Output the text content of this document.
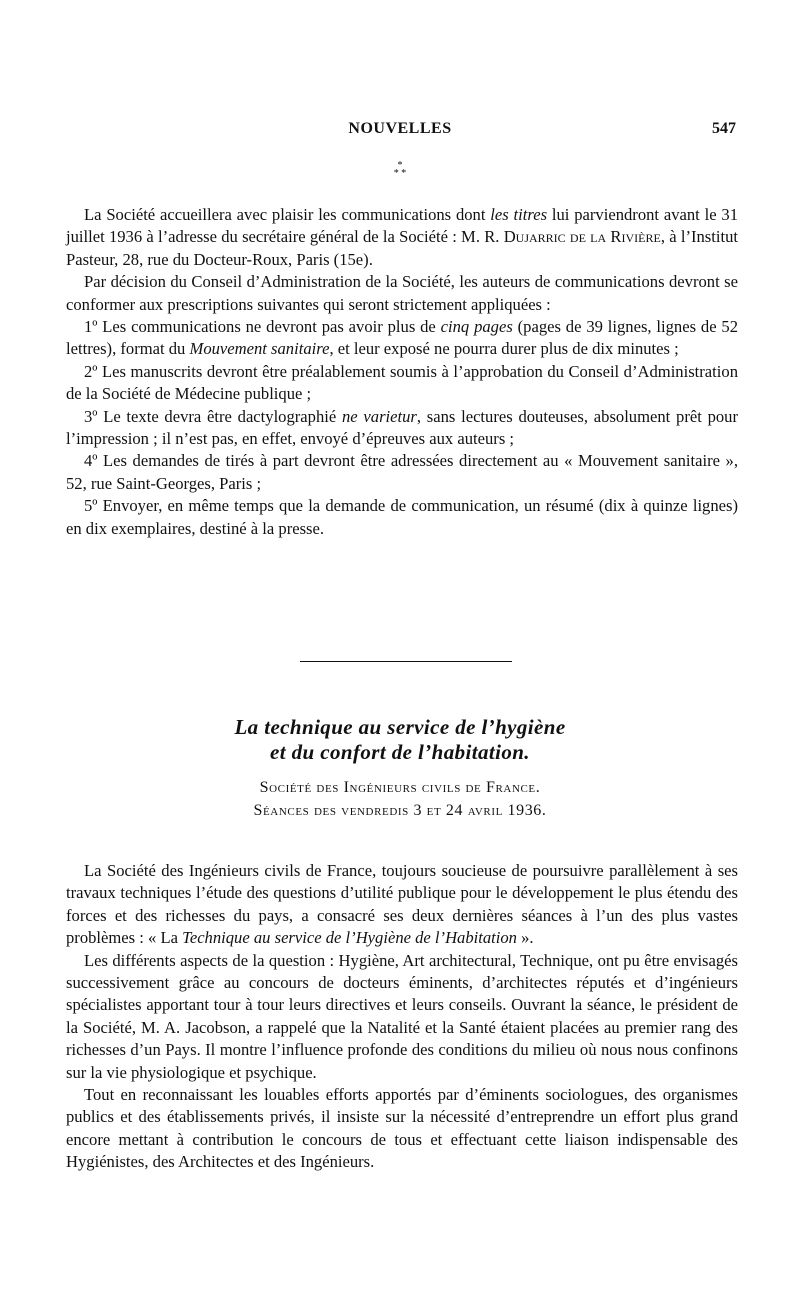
NOUVELLES	547
*
* *

La Société accueillera avec plaisir les communications dont les titres lui parviendront avant le 31 juillet 1936 à l’adresse du secrétaire général de la Société : M. R. Dujarric de la Rivière, à l’Institut Pasteur, 28, rue du Docteur-Roux, Paris (15e).

Par décision du Conseil d’Administration de la Société, les auteurs de communications devront se conformer aux prescriptions suivantes qui seront strictement appliquées :

1º Les communications ne devront pas avoir plus de cinq pages (pages de 39 lignes, lignes de 52 lettres), format du Mouvement sanitaire, et leur exposé ne pourra durer plus de dix minutes ;

2º Les manuscrits devront être préalablement soumis à l’approbation du Conseil d’Administration de la Société de Médecine publique ;

3º Le texte devra être dactylographié ne varietur, sans lectures douteuses, absolument prêt pour l’impression ; il n’est pas, en effet, envoyé d’épreuves aux auteurs ;

4º Les demandes de tirés à part devront être adressées directement au « Mouvement sanitaire », 52, rue Saint-Georges, Paris ;

5º Envoyer, en même temps que la demande de communication, un résumé (dix à quinze lignes) en dix exemplaires, destiné à la presse.

La technique au service de l’hygiène

et du confort de l’habitation.

Société des Ingénieurs civils de France.

Séances des vendredis 3 et 24 avril 1936.

La Société des Ingénieurs civils de France, toujours soucieuse de poursuivre parallèlement à ses travaux techniques l’étude des questions d’utilité publique pour le développement le plus étendu des forces et des richesses du pays, a consacré ses deux dernières séances à l’un des plus vastes problèmes : « La Technique au service de l’Hygiène de l’Habitation ».

Les différents aspects de la question : Hygiène, Art architectural, Technique, ont pu être envisagés successivement grâce au concours de docteurs éminents, d’architectes réputés et d’ingénieurs spécialistes apportant tour à tour leurs directives et leurs conseils. Ouvrant la séance, le président de la Société, M. A. Jacobson, a rappelé que la Natalité et la Santé étaient placées au premier rang des richesses d’un Pays. Il montre l’influence profonde des conditions du milieu où nous nous confinons sur la vie physiologique et psychique.

Tout en reconnaissant les louables efforts apportés par d’éminents sociologues, des organismes publics et des établissements privés, il insiste sur la nécessité d’entreprendre un effort plus grand encore mettant à contribution le concours de tous et effectuant cette liaison indispensable des Hygiénistes, des Architectes et des Ingénieurs.
